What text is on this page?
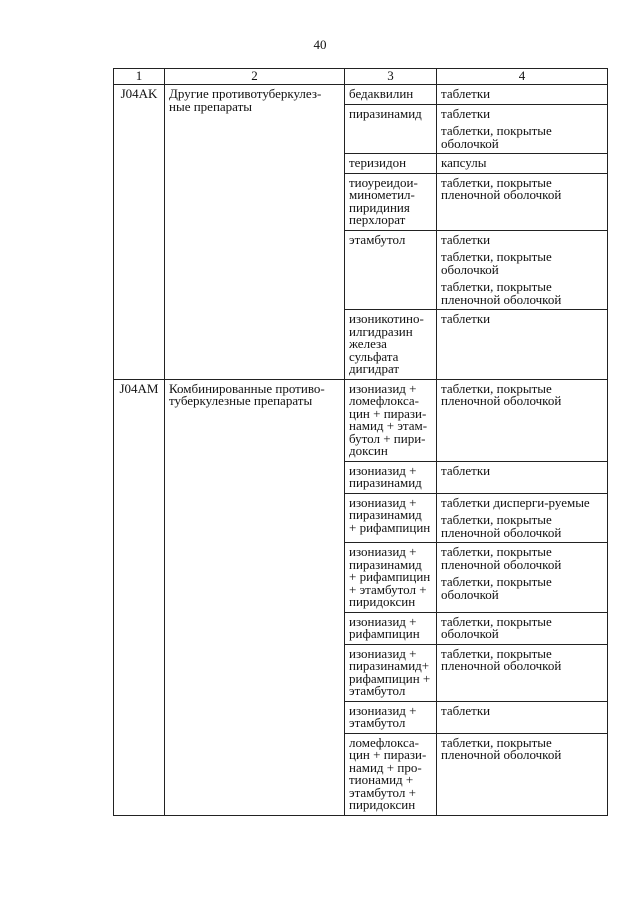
40
1	2	3	4
J04AK	Другие противотуберкулез-ные препараты	бедаквилин	таблетки

		пиразинамид	таблетки
таблетки, покрытые оболочкой

		теризидон	капсулы

		тиоуреидои-минометил-пиридиния перхлорат	таблетки, покрытые пленочной оболочкой

		этамбутол	таблетки
таблетки, покрытые оболочкой
таблетки, покрытые пленочной оболочкой

		изоникотино-илгидразин железа сульфата дигидрат	таблетки

J04AM	Комбинированные противо-туберкулезные препараты	изониазид + ломефлокса-цин + пирази-намид + этам-бутол + пири-доксин	таблетки, покрытые пленочной оболочкой

		изониазид + пиразинамид	таблетки

		изониазид + пиразинамид + рифампицин	таблетки дисперги-руемые
таблетки, покрытые пленочной оболочкой

		изониазид + пиразинамид + рифампицин + этамбутол + пиридоксин	таблетки, покрытые пленочной оболочкой
таблетки, покрытые оболочкой

		изониазид + рифампицин	таблетки, покрытые оболочкой

		изониазид + пиразинамид+ рифампицин + этамбутол	таблетки, покрытые пленочной оболочкой

		изониазид + этамбутол	таблетки

		ломефлокса-цин + пирази-намид + про-тионамид + этамбутол + пиридоксин	таблетки, покрытые пленочной оболочкой
